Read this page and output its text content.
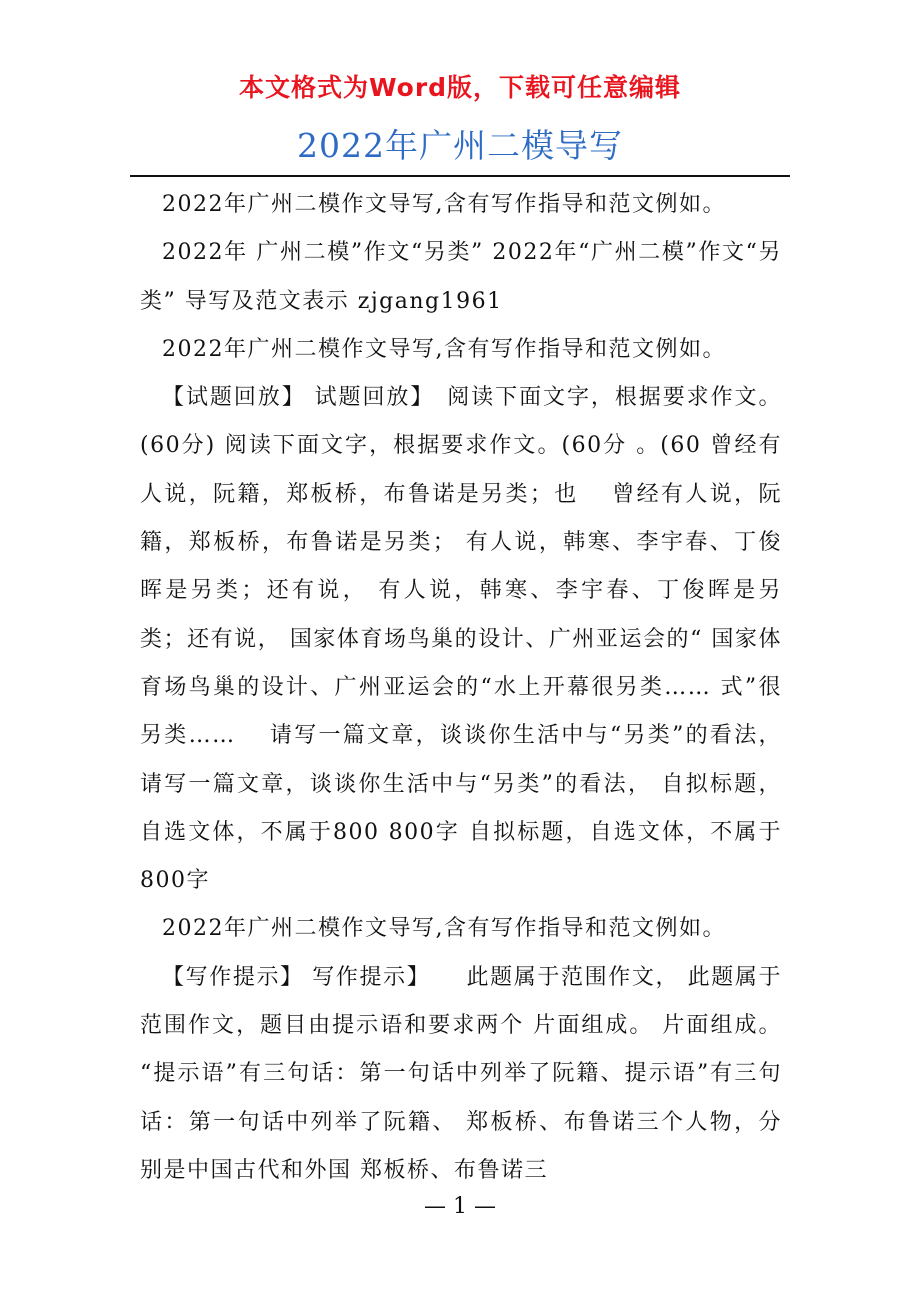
本文格式为Word版，下载可任意编辑
2022年广州二模导写

2022年广州二模作文导写,含有写作指导和范文例如。

2022年 广州二模”作文“另类” 2022年“广州二模”作文“另类” 导写及范文表示 zjgang1961

2022年广州二模作文导写,含有写作指导和范文例如。

【试题回放】 试题回放】　阅读下面文字，根据要求作文。(60分) 阅读下面文字，根据要求作文。(60分 。(60 曾经有人说，阮籍，郑板桥，布鲁诺是另类；也　 曾经有人说，阮籍，郑板桥，布鲁诺是另类； 有人说，韩寒、李宇春、丁俊晖是另类；还有说， 有人说，韩寒、李宇春、丁俊晖是另类；还有说， 国家体育场鸟巢的设计、广州亚运会的“ 国家体育场鸟巢的设计、广州亚运会的“水上开幕很另类…… 式”很另类……　 请写一篇文章，谈谈你生活中与“另类”的看法， 请写一篇文章，谈谈你生活中与“另类”的看法， 自拟标题，自选文体，不属于800 800字 自拟标题，自选文体，不属于800字

2022年广州二模作文导写,含有写作指导和范文例如。

【写作提示】 写作提示】　　此题属于范围作文， 此题属于范围作文，题目由提示语和要求两个 片面组成。 片面组成。 “提示语”有三句话：第一句话中列举了阮籍、提示语”有三句话：第一句话中列举了阮籍、 郑板桥、布鲁诺三个人物，分别是中国古代和外国 郑板桥、布鲁诺三

— 1 —
